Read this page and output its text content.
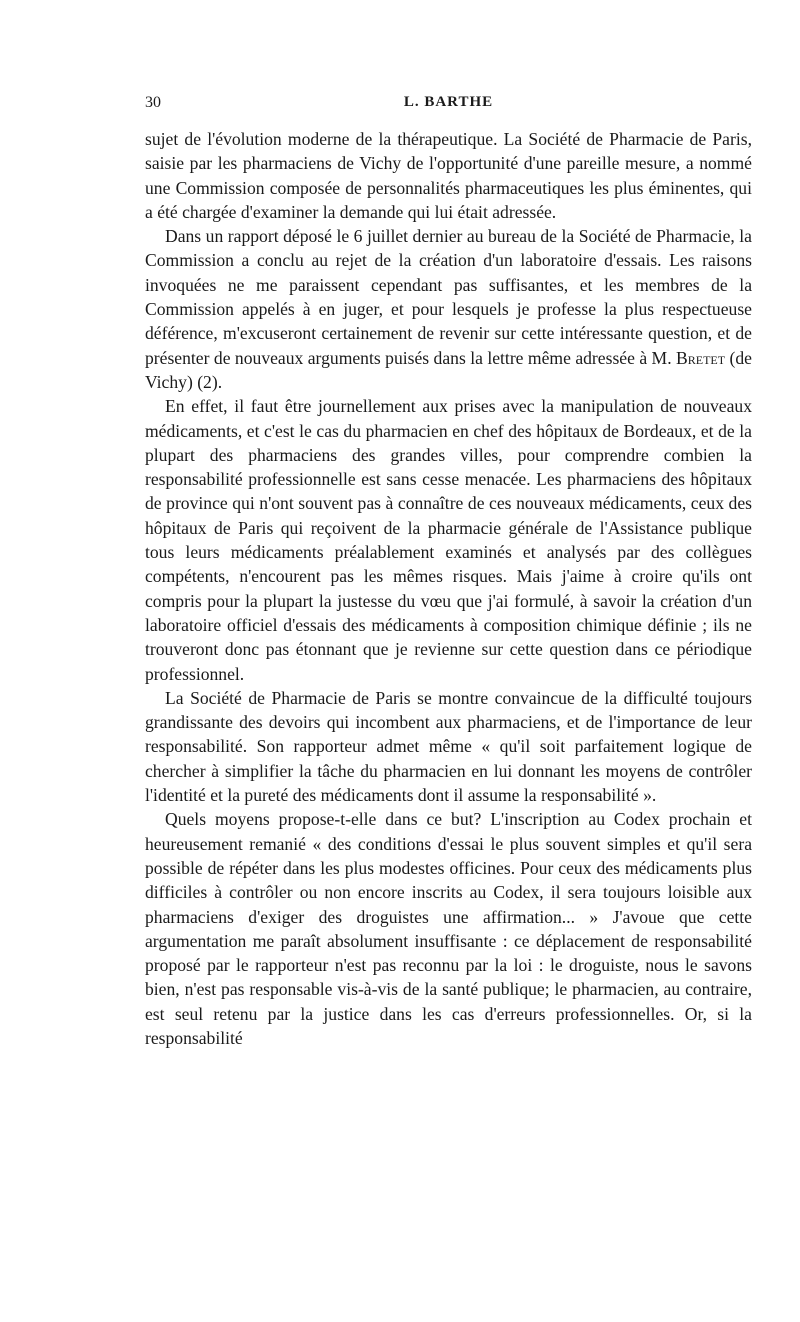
30	L. BARTHE

sujet de l'évolution moderne de la thérapeutique. La Société de Pharmacie de Paris, saisie par les pharmaciens de Vichy de l'opportunité d'une pareille mesure, a nommé une Commission composée de personnalités pharmaceutiques les plus éminentes, qui a été chargée d'examiner la demande qui lui était adressée.

Dans un rapport déposé le 6 juillet dernier au bureau de la Société de Pharmacie, la Commission a conclu au rejet de la création d'un laboratoire d'essais. Les raisons invoquées ne me paraissent cependant pas suffisantes, et les membres de la Commission appelés à en juger, et pour lesquels je professe la plus respectueuse déférence, m'excuseront certainement de revenir sur cette intéressante question, et de présenter de nouveaux arguments puisés dans la lettre même adressée à M. Bretet (de Vichy) (2).

En effet, il faut être journellement aux prises avec la manipulation de nouveaux médicaments, et c'est le cas du pharmacien en chef des hôpitaux de Bordeaux, et de la plupart des pharmaciens des grandes villes, pour comprendre combien la responsabilité professionnelle est sans cesse menacée. Les pharmaciens des hôpitaux de province qui n'ont souvent pas à connaître de ces nouveaux médicaments, ceux des hôpitaux de Paris qui reçoivent de la pharmacie générale de l'Assistance publique tous leurs médicaments préalablement examinés et analysés par des collègues compétents, n'encourent pas les mêmes risques. Mais j'aime à croire qu'ils ont compris pour la plupart la justesse du vœu que j'ai formulé, à savoir la création d'un laboratoire officiel d'essais des médicaments à composition chimique définie ; ils ne trouveront donc pas étonnant que je revienne sur cette question dans ce périodique professionnel.

La Société de Pharmacie de Paris se montre convaincue de la difficulté toujours grandissante des devoirs qui incombent aux pharmaciens, et de l'importance de leur responsabilité. Son rapporteur admet même « qu'il soit parfaitement logique de chercher à simplifier la tâche du pharmacien en lui donnant les moyens de contrôler l'identité et la pureté des médicaments dont il assume la responsabilité ».

Quels moyens propose-t-elle dans ce but? L'inscription au Codex prochain et heureusement remanié « des conditions d'essai le plus souvent simples et qu'il sera possible de répéter dans les plus modestes officines. Pour ceux des médicaments plus difficiles à contrôler ou non encore inscrits au Codex, il sera toujours loisible aux pharmaciens d'exiger des droguistes une affirmation... » J'avoue que cette argumentation me paraît absolument insuffisante : ce déplacement de responsabilité proposé par le rapporteur n'est pas reconnu par la loi : le droguiste, nous le savons bien, n'est pas responsable vis-à-vis de la santé publique; le pharmacien, au contraire, est seul retenu par la justice dans les cas d'erreurs professionnelles. Or, si la responsabilité
